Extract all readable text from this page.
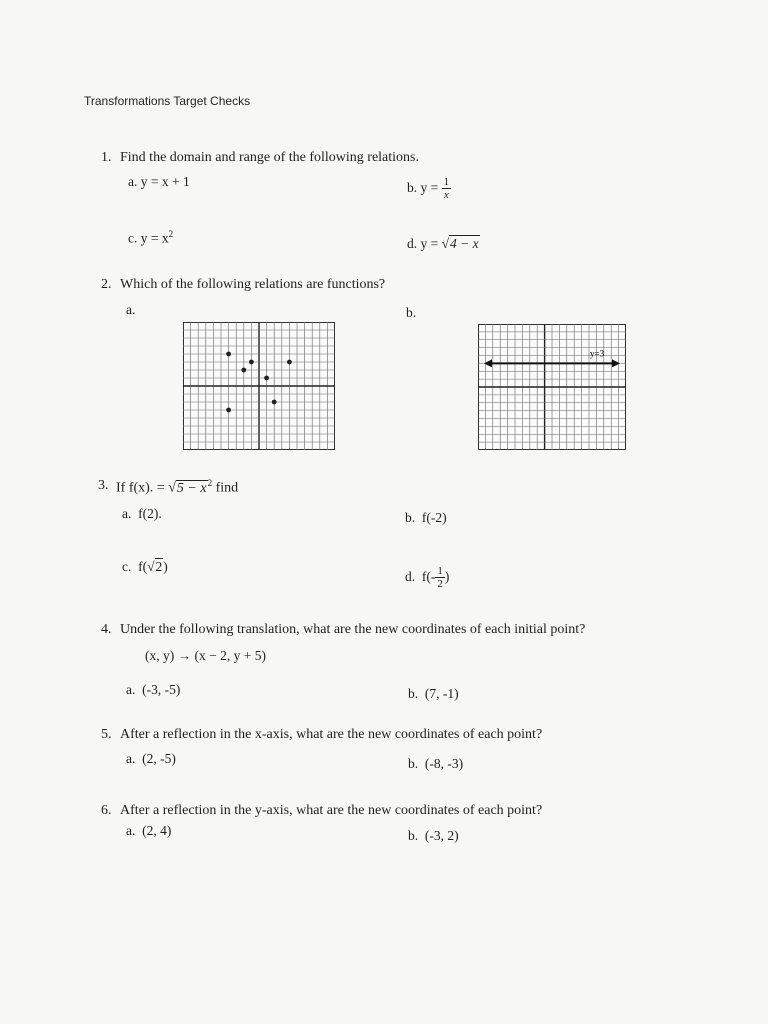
Transformations Target Checks
1. Find the domain and range of the following relations.
a. y = x + 1	b. $y = \frac{1}{x}$
c. $y = x^2$
d. y = √4 − x
2. Which of the following relations are functions?
a.	b.
y=3
3. If f(x). = $√5 - x^2$ find
a. f(2).	b. f(-2)
c. f(√2)
d. $f(- \frac{1}{2}$ )
4. Under the following translation, what are the new coordinates of each initial point?
(x, y) → (x − 2, y + 5)
a. (-3, -5)	b. (7, -1)
5. After a reflection in the x-axis, what are the new coordinates of each point?
a. (2, -5)	b. (-8, -3)
6. After a reflection in the y-axis, what are the new coordinates of each point?
a. (2, 4)	b. (-3, 2)
